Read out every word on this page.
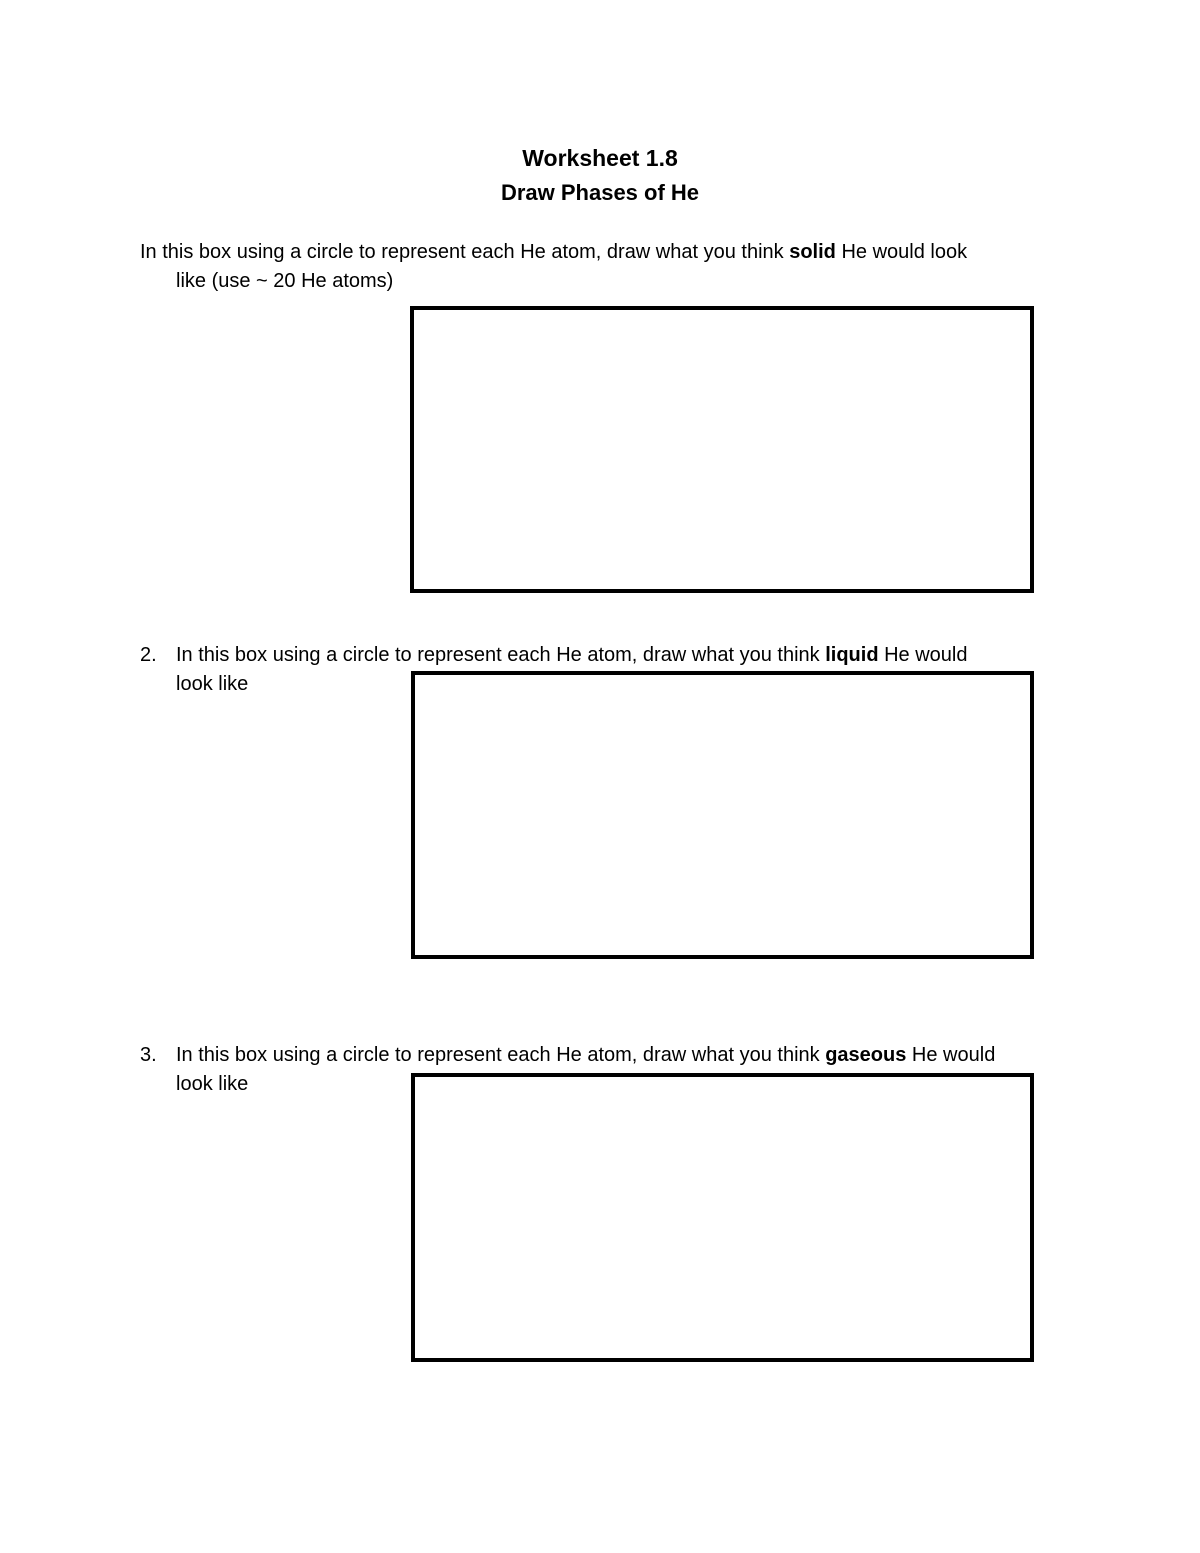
Worksheet 1.8
Draw Phases of He
In this box using a circle to represent each He atom, draw what you think solid He would look
like (use ~ 20 He atoms)
2. In this box using a circle to represent each He atom, draw what you think liquid He would
look like
3. In this box using a circle to represent each He atom, draw what you think gaseous He would
look like
